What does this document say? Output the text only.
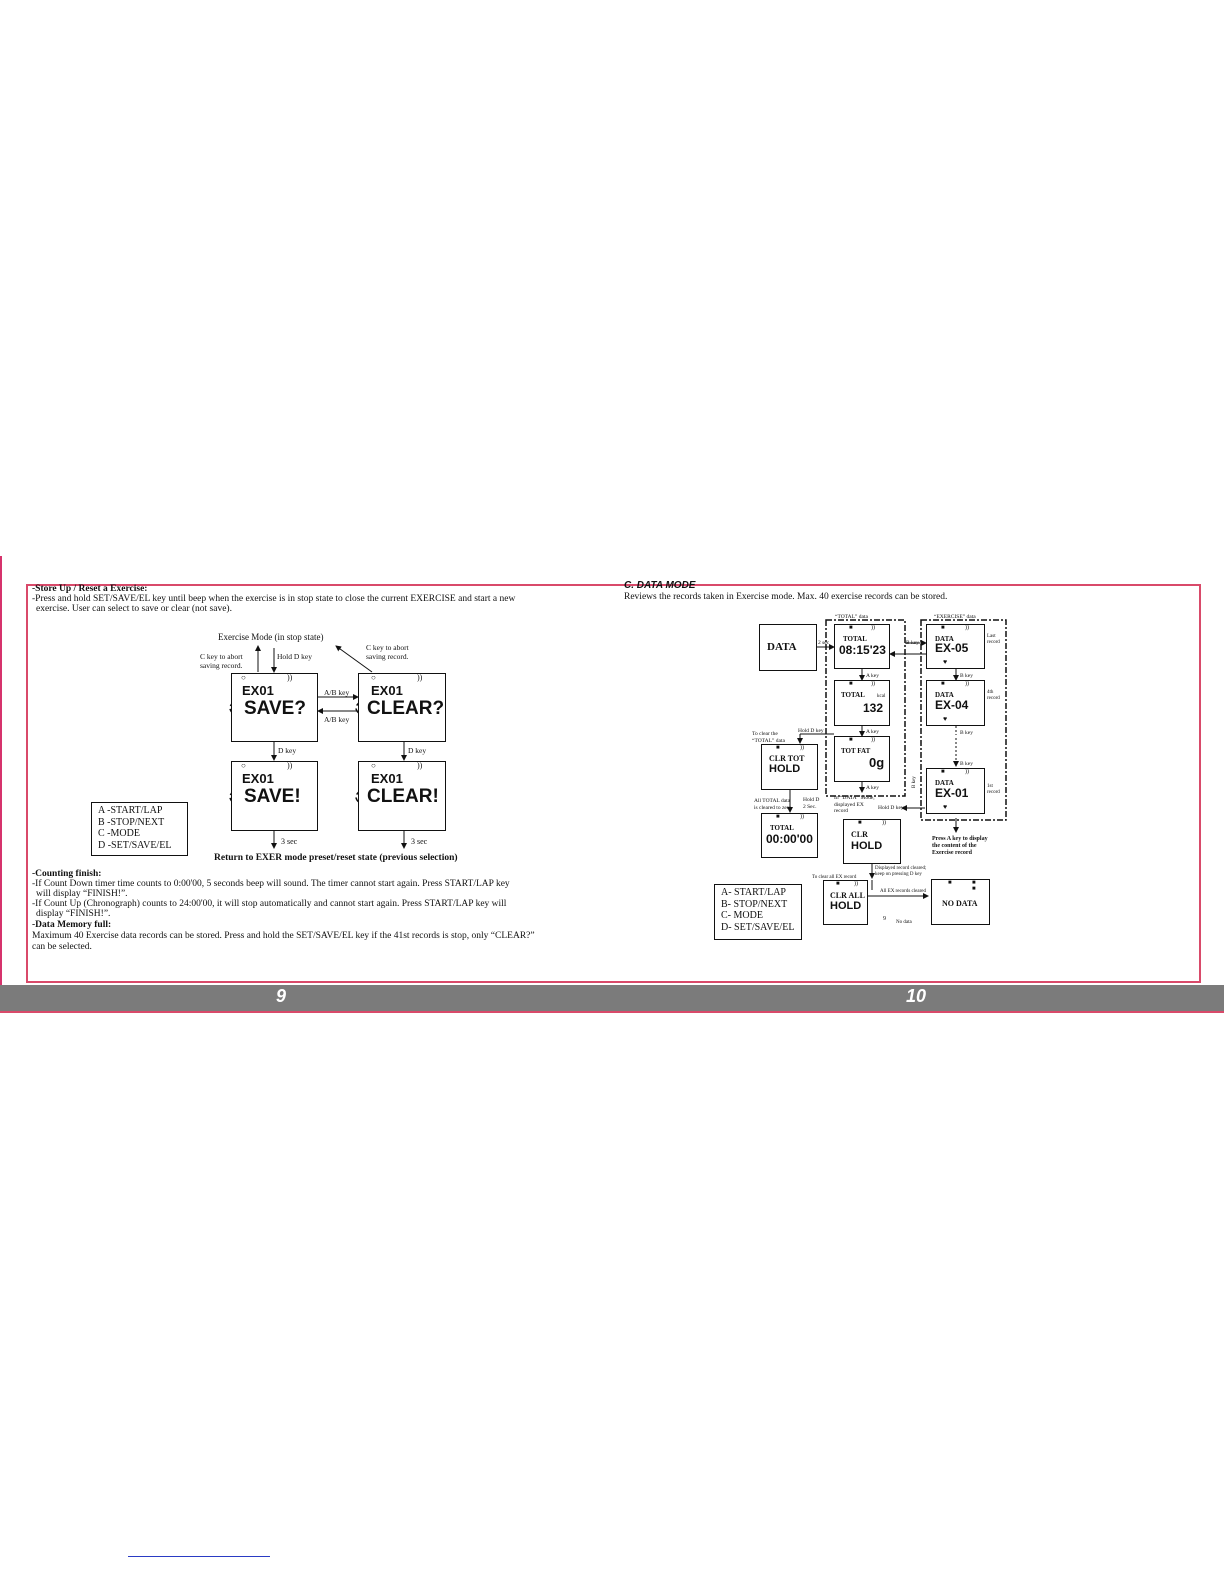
-Store Up / Reset a Exercise:
-Press and hold SET/SAVE/EL key until beep when the exercise is in stop state to close the current EXERCISE and start a new
exercise. User can select to save or clear (not save).
Exercise Mode (in stop state)
C key to abort
saving record.
Hold D key
C key to abort
saving record.
A/B key
A/B key
○	))
EX01
SAVE?
○	))
EX01
CLEAR?
D key	D key
○	))
EX01
SAVE!
○	))
EX01
CLEAR!
3 sec	3 sec
Return to EXER mode preset/reset state (previous selection)
A -START/LAP
B -STOP/NEXT
C -MODE
D -SET/SAVE/EL
-Counting finish:
-If Count Down timer time counts to 0:00'00, 5 seconds beep will sound. The timer cannot start again. Press START/LAP key
will display “FINISH!”.
-If Count Up (Chronograph) counts to 24:00'00, it will stop automatically and cannot start again. Press START/LAP key will
display “FINISH!”.
-Data Memory full:
Maximum 40 Exercise data records can be stored. Press and hold the SET/SAVE/EL key if the 41st records is stop, only “CLEAR?”
can be selected.
C. DATA MODE
Reviews the records taken in Exercise mode. Max. 40 exercise records can be stored.
“TOTAL” data	“EXERCISE” data
DATA	2 sec	B key
■	))
TOTAL
08:15'23
A key
■	))
TOTAL kcal
132
A key
■	))
TOT FAT
0g
A key
Hold D key
To clear the
“TOTAL” data
■	))
CLR TOT
HOLD
All TOTAL data
is cleared to zero
Hold D
2 Sec.
■	))
TOTAL
00:00'00
■	))
DATA
EX-05
♥
Last
record
B key
■	))
DATA
EX-04
♥
4th
record
B key
B key
■	))
DATA
EX-01
♥
1st
record
B key
In “DATA” Mode,
displayed EX
record	Hold D key
■	))
CLR
HOLD
Press A key to display
the content of the
Exercise record
Displayed record cleared;
keep on pressing D key
To clear all EX record
■ ))
CLR ALL
HOLD
All EX records cleared
9
No data
■	■
■
NO DATA
A- START/LAP
B- STOP/NEXT
C- MODE
D- SET/SAVE/EL
9	10
